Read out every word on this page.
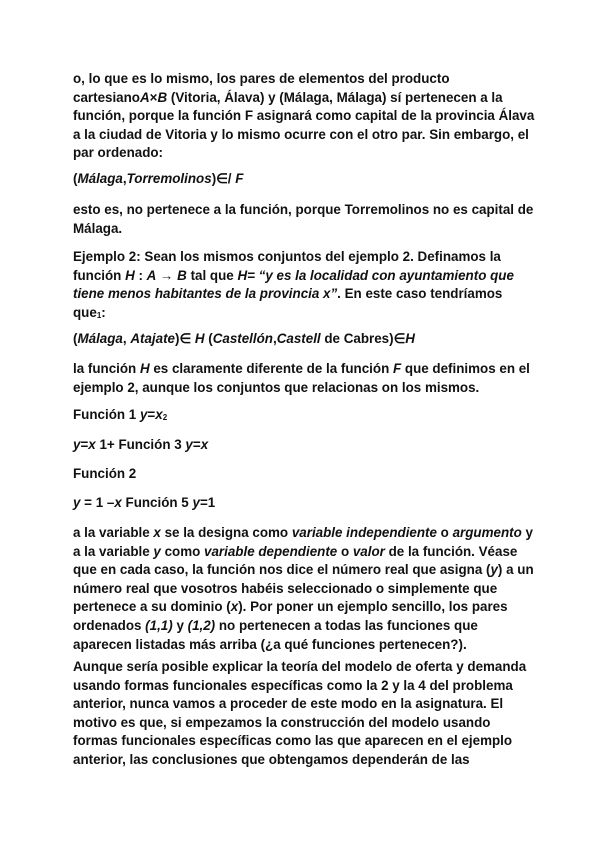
o, lo que es lo mismo, los pares de elementos del producto cartesianoA×B (Vitoria, Álava) y (Málaga, Málaga) sí pertenecen a la función, porque la función F asignará como capital de la provincia Álava a la ciudad de Vitoria y lo mismo ocurre con el otro par. Sin embargo, el par ordenado:

(Málaga,Torremolinos)∈/ F

esto es, no pertenece a la función, porque Torremolinos no es capital de Málaga.

Ejemplo 2: Sean los mismos conjuntos del ejemplo 2. Definamos la función H : A → B tal que H= “y es la localidad con ayuntamiento que tiene menos habitantes de la provincia x”. En este caso tendríamos que1:

(Málaga, Atajate)∈ H (Castellón,Castell de Cabres)∈H

la función H es claramente diferente de la función F que definimos en el ejemplo 2, aunque los conjuntos que relacionas on los mismos.

Función 1 y=x2

y=x 1+ Función 3 y=x

Función 2

y = 1 –x Función 5 y=1

a la variable x se la designa como variable independiente o argumento y a la variable y como variable dependiente o valor de la función. Véase que en cada caso, la función nos dice el número real que asigna (y) a un número real que vosotros habéis seleccionado o simplemente que pertenece a su dominio (x). Por poner un ejemplo sencillo, los pares ordenados (1,1) y (1,2) no pertenecen a todas las funciones que aparecen listadas más arriba (¿a qué funciones pertenecen?).

Aunque sería posible explicar la teoría del modelo de oferta y demanda usando formas funcionales específicas como la 2 y la 4 del problema anterior, nunca vamos a proceder de este modo en la asignatura. El motivo es que, si empezamos la construcción del modelo usando formas funcionales específicas como las que aparecen en el ejemplo anterior, las conclusiones que obtengamos dependerán de las
